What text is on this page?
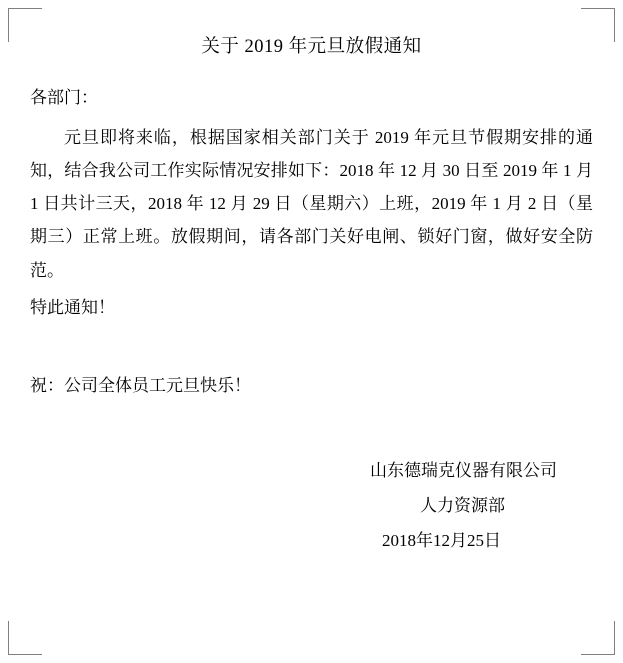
关于 2019 年元旦放假通知

各部门：

元旦即将来临，根据国家相关部门关于 2019 年元旦节假期安排的通知，结合我公司工作实际情况安排如下：2018 年 12 月 30 日至 2019 年 1 月 1 日共计三天，2018 年 12 月 29 日（星期六）上班，2019 年 1 月 2 日（星期三）正常上班。放假期间，请各部门关好电闸、锁好门窗，做好安全防范。

特此通知！

祝：公司全体员工元旦快乐！

山东德瑞克仪器有限公司
人力资源部
2018年12月25日
